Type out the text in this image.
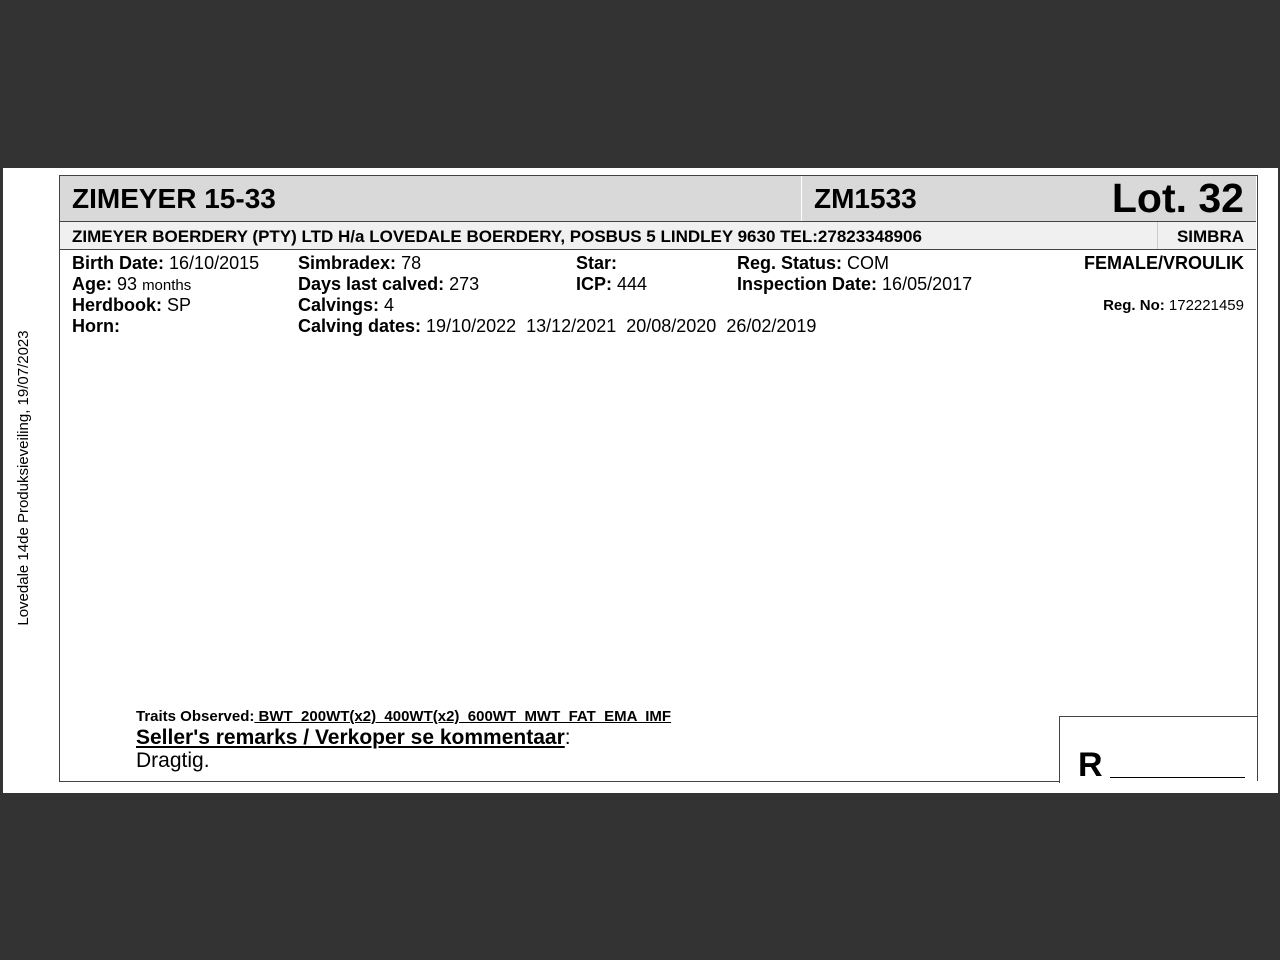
Lovedale 14de Produksieveiling, 19/07/2023
ZIMEYER 15-33	ZM1533	Lot. 32
ZIMEYER BOERDERY (PTY) LTD H/a LOVEDALE BOERDERY, POSBUS 5 LINDLEY 9630 TEL:27823348906	SIMBRA
Birth Date: 16/10/2015
Age: 93 months
Herdbook: SP
Horn:
Simbradex: 78
Days last calved: 273
Calvings: 4
Calving dates: 19/10/2022  13/12/2021  20/08/2020  26/02/2019
Star:
ICP: 444
Reg. Status: COM
Inspection Date: 16/05/2017
FEMALE/VROULIK
Reg. No: 172221459
Traits Observed: BWT  200WT(x2)  400WT(x2)  600WT  MWT  FAT  EMA  IMF
Seller's remarks / Verkoper se kommentaar:
Dragtig.	R
